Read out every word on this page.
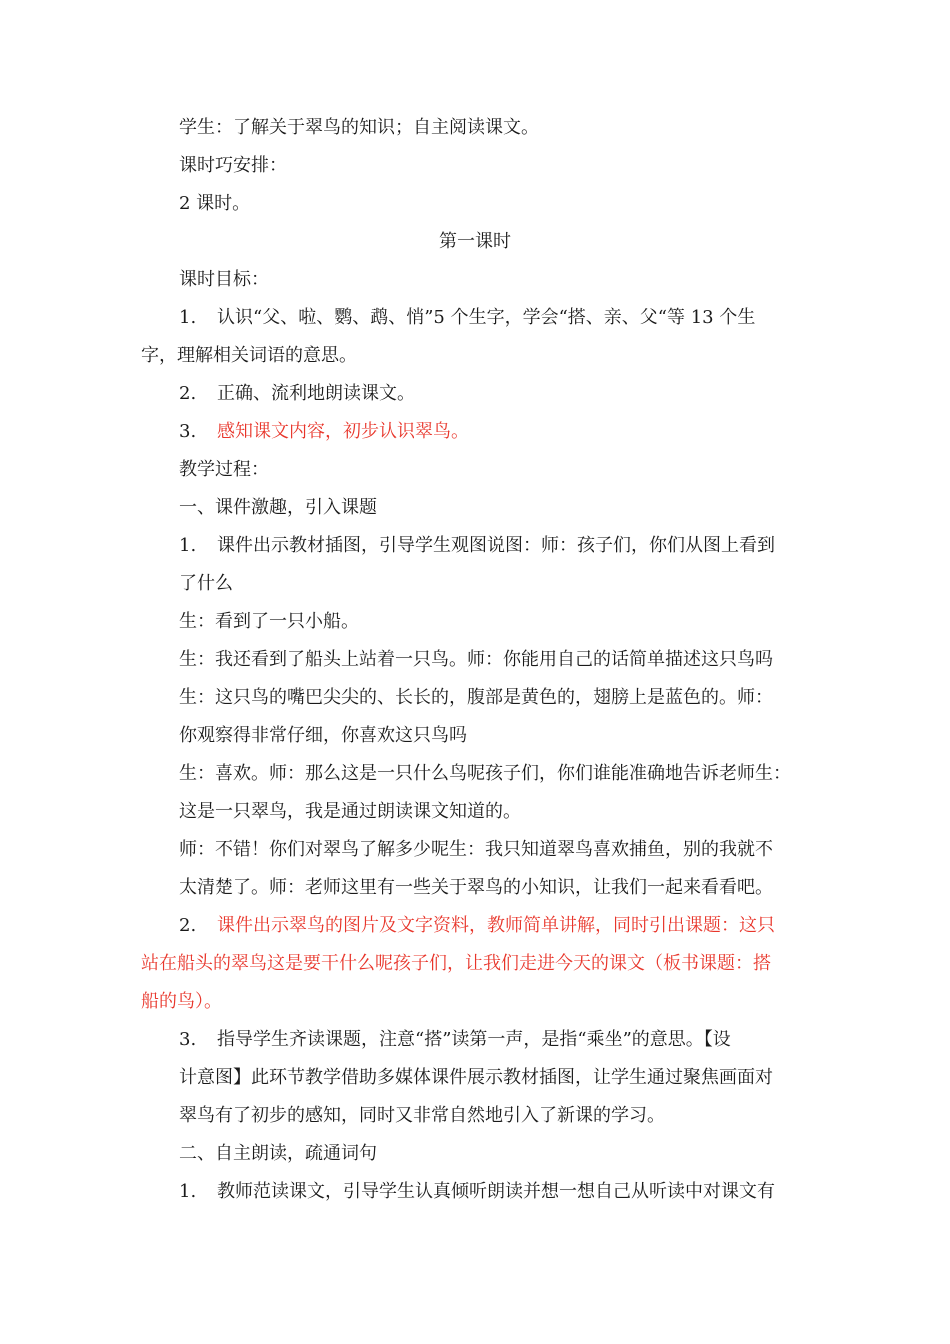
学生：了解关于翠鸟的知识；自主阅读课文。
课时巧安排：
2 课时。
第一课时
课时目标：
1. 认识“父、啦、鹦、鹉、悄”5 个生字，学会“搭、亲、父“等 13 个生
字，理解相关词语的意思。
2. 正确、流利地朗读课文。
3. 感知课文内容，初步认识翠鸟。
教学过程：
一、课件激趣，引入课题
1. 课件出示教材插图，引导学生观图说图：师：孩子们，你们从图上看到
了什么
生：看到了一只小船。
生：我还看到了船头上站着一只鸟。师：你能用自己的话简单描述这只鸟吗
生：这只鸟的嘴巴尖尖的、长长的，腹部是黄色的，翅膀上是蓝色的。师：
你观察得非常仔细，你喜欢这只鸟吗
生：喜欢。师：那么这是一只什么鸟呢孩子们，你们谁能准确地告诉老师生：
这是一只翠鸟，我是通过朗读课文知道的。
师：不错！你们对翠鸟了解多少呢生：我只知道翠鸟喜欢捕鱼，别的我就不
太清楚了。师：老师这里有一些关于翠鸟的小知识，让我们一起来看看吧。
2. 课件出示翠鸟的图片及文字资料，教师简单讲解，同时引出课题：这只
站在船头的翠鸟这是要干什么呢孩子们，让我们走进今天的课文（板书课题：搭
船的鸟）。
3. 指导学生齐读课题，注意“搭”读第一声，是指“乘坐”的意思。【设
计意图】此环节教学借助多媒体课件展示教材插图，让学生通过聚焦画面对
翠鸟有了初步的感知，同时又非常自然地引入了新课的学习。
二、自主朗读，疏通词句
1. 教师范读课文，引导学生认真倾听朗读并想一想自己从听读中对课文有
